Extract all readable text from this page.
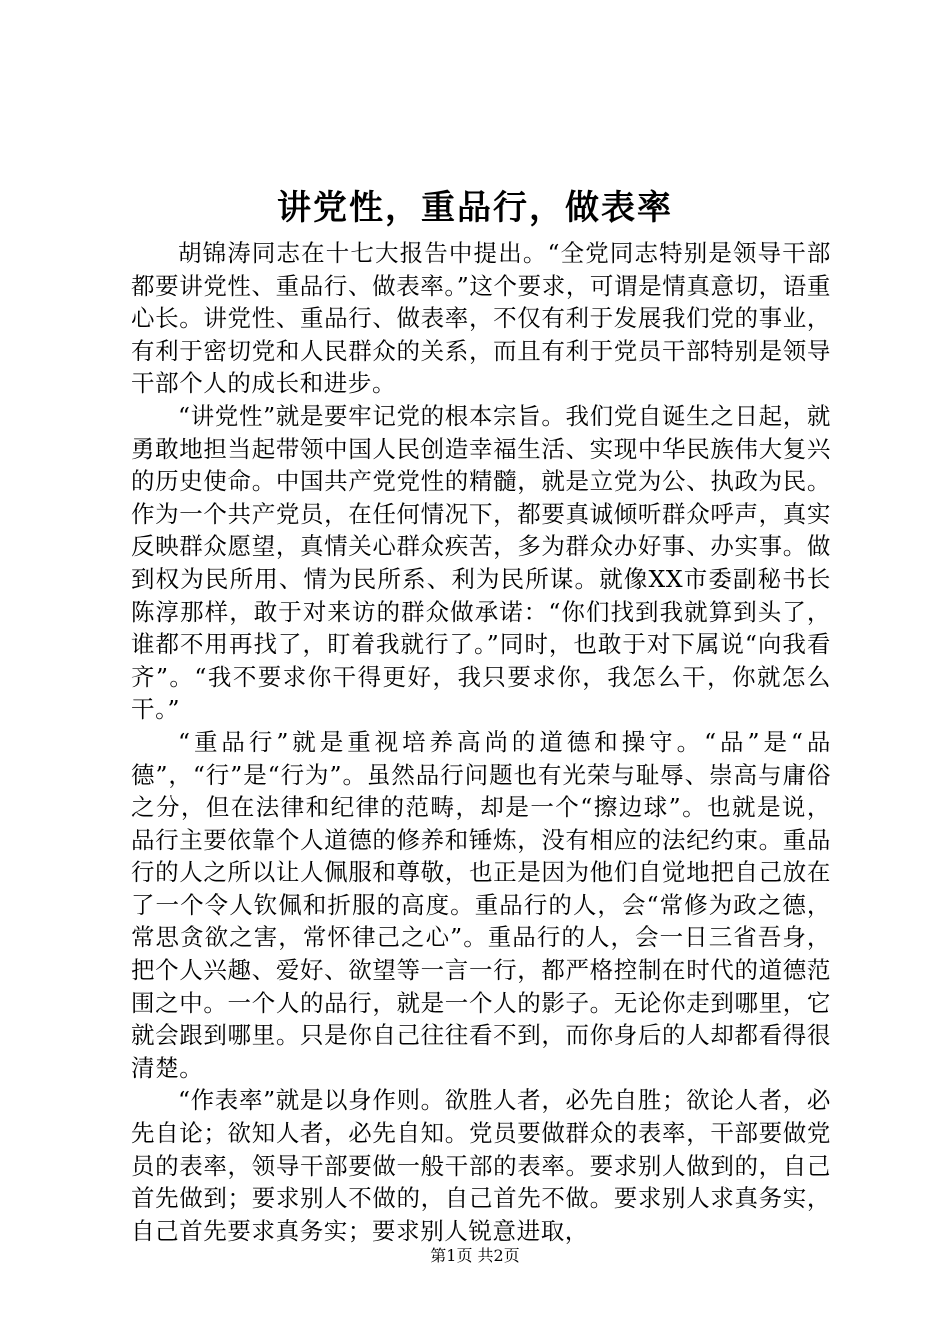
讲党性，重品行，做表率

胡锦涛同志在十七大报告中提出。“全党同志特别是领导干部都要讲党性、重品行、做表率。”这个要求，可谓是情真意切，语重心长。讲党性、重品行、做表率，不仅有利于发展我们党的事业，有利于密切党和人民群众的关系，而且有利于党员干部特别是领导干部个人的成长和进步。

“讲党性”就是要牢记党的根本宗旨。我们党自诞生之日起，就勇敢地担当起带领中国人民创造幸福生活、实现中华民族伟大复兴的历史使命。中国共产党党性的精髓，就是立党为公、执政为民。作为一个共产党员，在任何情况下，都要真诚倾听群众呼声，真实反映群众愿望，真情关心群众疾苦，多为群众办好事、办实事。做到权为民所用、情为民所系、利为民所谋。就像XX市委副秘书长陈淳那样，敢于对来访的群众做承诺：“你们找到我就算到头了，谁都不用再找了，盯着我就行了。”同时，也敢于对下属说“向我看齐”。“我不要求你干得更好，我只要求你，我怎么干，你就怎么干。”

“重品行”就是重视培养高尚的道德和操守。“品”是“品德”，“行”是“行为”。虽然品行问题也有光荣与耻辱、崇高与庸俗之分，但在法律和纪律的范畴，却是一个“擦边球”。也就是说，品行主要依靠个人道德的修养和锤炼，没有相应的法纪约束。重品行的人之所以让人佩服和尊敬，也正是因为他们自觉地把自己放在了一个令人钦佩和折服的高度。重品行的人，会“常修为政之德，常思贪欲之害，常怀律己之心”。重品行的人，会一日三省吾身，把个人兴趣、爱好、欲望等一言一行，都严格控制在时代的道德范围之中。一个人的品行，就是一个人的影子。无论你走到哪里，它就会跟到哪里。只是你自己往往看不到，而你身后的人却都看得很清楚。

“作表率”就是以身作则。欲胜人者，必先自胜；欲论人者，必先自论；欲知人者，必先自知。党员要做群众的表率，干部要做党员的表率，领导干部要做一般干部的表率。要求别人做到的，自己首先做到；要求别人不做的，自己首先不做。要求别人求真务实，自己首先要求真务实；要求别人锐意进取，

第1页 共2页
